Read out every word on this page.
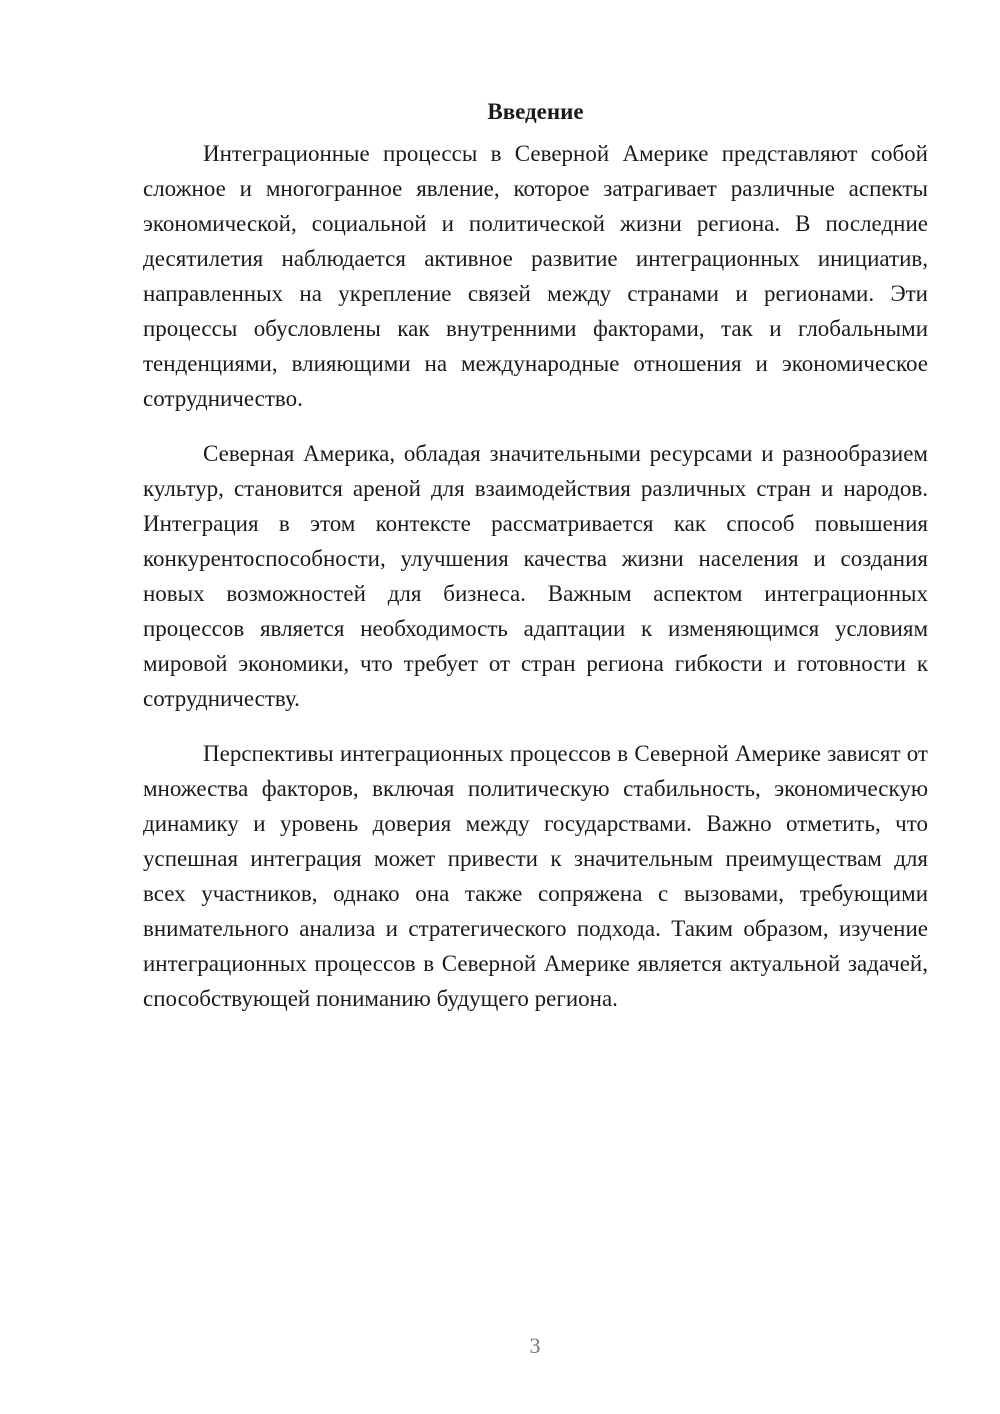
Введение

Интеграционные процессы в Северной Америке представляют собой сложное и многогранное явление, которое затрагивает различные аспекты экономической, социальной и политической жизни региона. В последние десятилетия наблюдается активное развитие интеграционных инициатив, направленных на укрепление связей между странами и регионами. Эти процессы обусловлены как внутренними факторами, так и глобальными тенденциями, влияющими на международные отношения и экономическое сотрудничество.

Северная Америка, обладая значительными ресурсами и разнообразием культур, становится ареной для взаимодействия различных стран и народов. Интеграция в этом контексте рассматривается как способ повышения конкурентоспособности, улучшения качества жизни населения и создания новых возможностей для бизнеса. Важным аспектом интеграционных процессов является необходимость адаптации к изменяющимся условиям мировой экономики, что требует от стран региона гибкости и готовности к сотрудничеству.

Перспективы интеграционных процессов в Северной Америке зависят от множества факторов, включая политическую стабильность, экономическую динамику и уровень доверия между государствами. Важно отметить, что успешная интеграция может привести к значительным преимуществам для всех участников, однако она также сопряжена с вызовами, требующими внимательного анализа и стратегического подхода. Таким образом, изучение интеграционных процессов в Северной Америке является актуальной задачей, способствующей пониманию будущего региона.

3
